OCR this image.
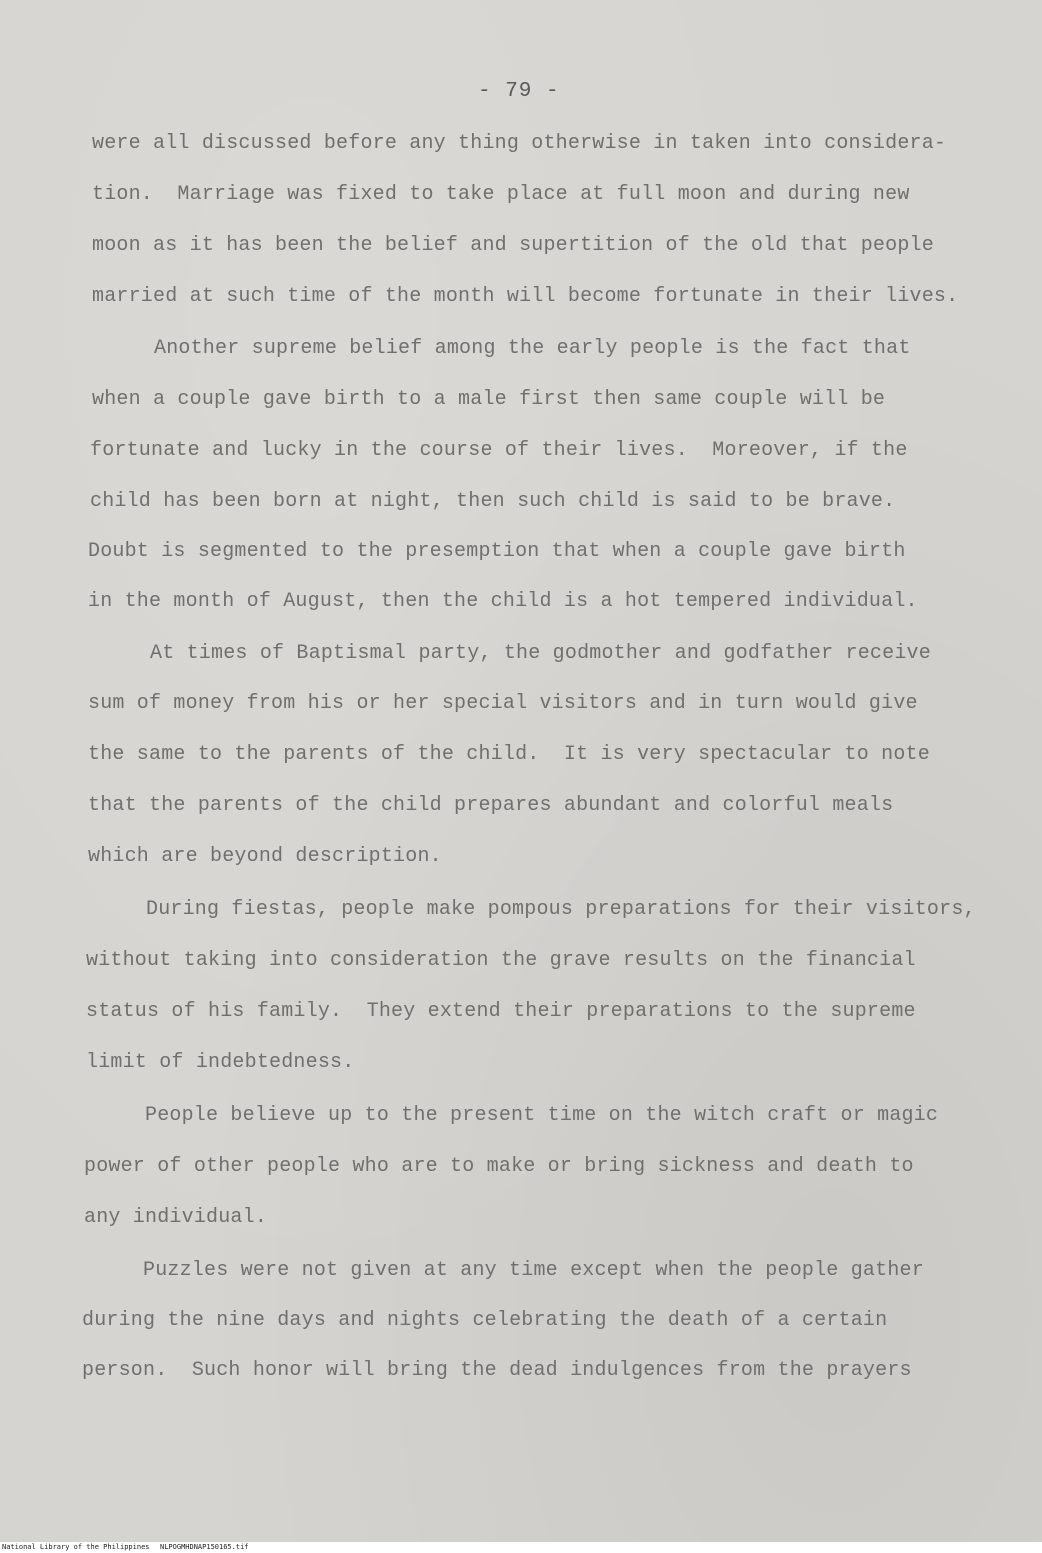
- 79 -
were all discussed before any thing otherwise in taken into considera-
tion.  Marriage was fixed to take place at full moon and during new
moon as it has been the belief and supertition of the old that people
married at such time of the month will become fortunate in their lives.
Another supreme belief among the early people is the fact that
when a couple gave birth to a male first then same couple will be
fortunate and lucky in the course of their lives.  Moreover, if the
child has been born at night, then such child is said to be brave.
Doubt is segmented to the presemption that when a couple gave birth
in the month of August, then the child is a hot tempered individual.
At times of Baptismal party, the godmother and godfather receive
sum of money from his or her special visitors and in turn would give
the same to the parents of the child.  It is very spectacular to note
that the parents of the child prepares abundant and colorful meals
which are beyond description.
During fiestas, people make pompous preparations for their visitors,
without taking into consideration the grave results on the financial
status of his family.  They extend their preparations to the supreme
limit of indebtedness.
People believe up to the present time on the witch craft or magic
power of other people who are to make or bring sickness and death to
any individual.
Puzzles were not given at any time except when the people gather
during the nine days and nights celebrating the death of a certain
person.  Such honor will bring the dead indulgences from the prayers
National Library of the Philippines NLPOGMHDNAP150165.tif
